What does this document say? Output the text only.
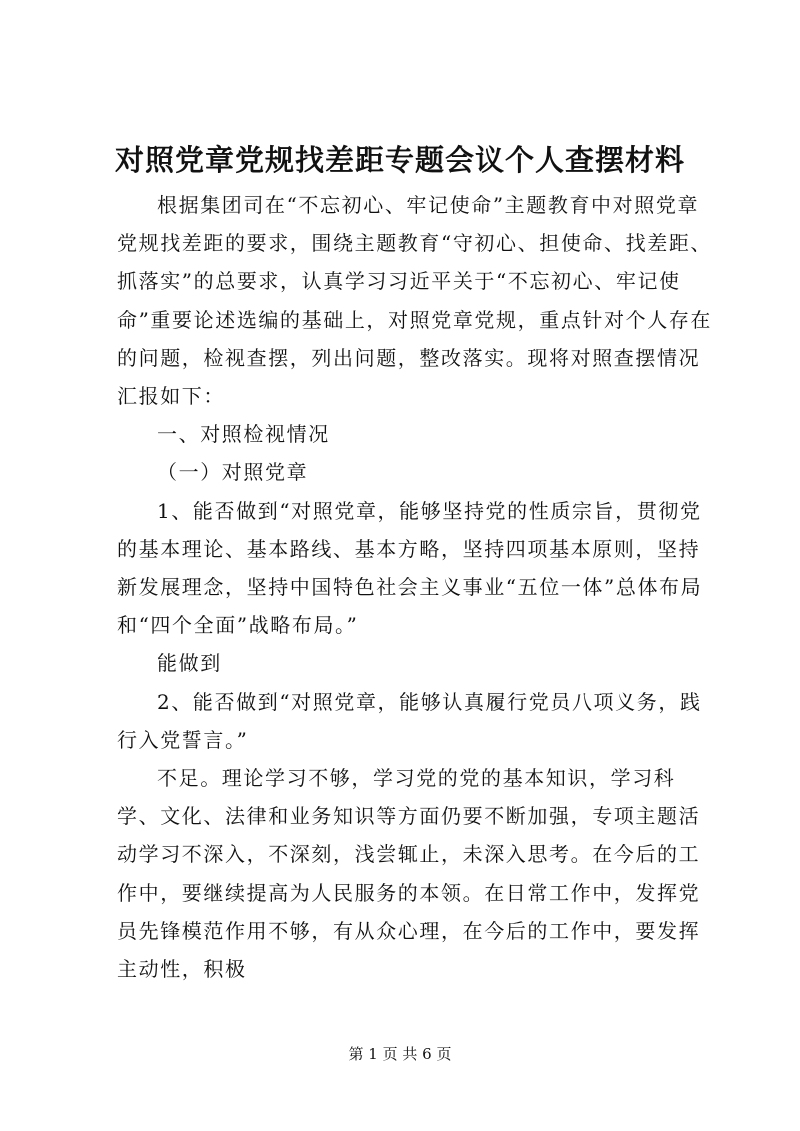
对照党章党规找差距专题会议个人查摆材料

根据集团司在“不忘初心、牢记使命”主题教育中对照党章党规找差距的要求，围绕主题教育“守初心、担使命、找差距、抓落实”的总要求，认真学习习近平关于“不忘初心、牢记使命”重要论述选编的基础上，对照党章党规，重点针对个人存在的问题，检视查摆，列出问题，整改落实。现将对照查摆情况汇报如下：

一、对照检视情况

（一）对照党章

1、能否做到“对照党章，能够坚持党的性质宗旨，贯彻党的基本理论、基本路线、基本方略，坚持四项基本原则，坚持新发展理念，坚持中国特色社会主义事业“五位一体”总体布局和“四个全面”战略布局。”

能做到

2、能否做到“对照党章，能够认真履行党员八项义务，践行入党誓言。”

不足。理论学习不够，学习党的党的基本知识，学习科学、文化、法律和业务知识等方面仍要不断加强，专项主题活动学习不深入，不深刻，浅尝辄止，未深入思考。在今后的工作中，要继续提高为人民服务的本领。在日常工作中，发挥党员先锋模范作用不够，有从众心理，在今后的工作中，要发挥主动性，积极

第 1 页 共 6 页
